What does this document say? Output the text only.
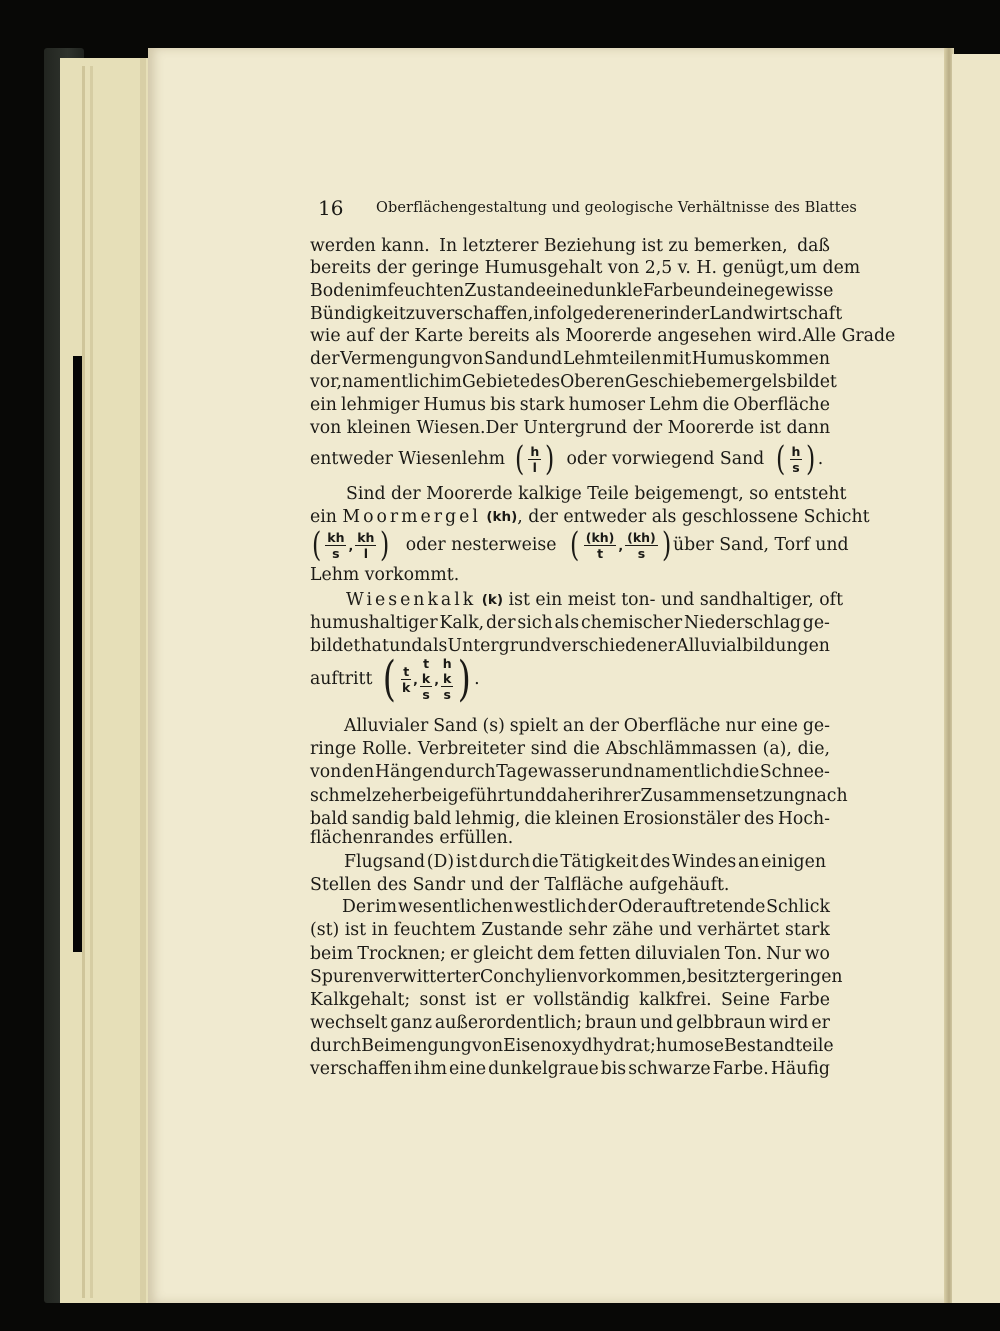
16 Oberflächengestaltung und geologische Verhältnisse des Blattes
werden kann. In letzterer Beziehung ist zu bemerken, daß
bereits der geringe Humusgehalt von 2,5 v. H. genügt, um dem
Boden im feuchten Zustande eine dunkle Farbe und eine gewisse
Bündigkeit zu verschaffen, infolge deren er in der Landwirtschaft
wie auf der Karte bereits als Moorerde angesehen wird. Alle Grade
der Vermengung von Sand und Lehmteilen mit Humus kommen
vor, namentlich im Gebiete des Oberen Geschiebemergels bildet
ein lehmiger Humus bis stark humoser Lehm die Oberfläche
von kleinen Wiesen. Der Untergrund der Moorerde ist dann
entweder Wiesenlehm ( $\frac{h}{l}$ ) oder vorwiegend Sand ( $\frac{h}{s}$ ) .
Sind der Moorerde kalkige Teile beigemengt, so entsteht
ein
Moormergel
(kh) , der entweder als geschlossene Schicht
( $\frac{kh}{s}$ , $\frac{kh}{l}$ ) oder nesterweise ( $\frac{(kh)}{t}$ , $\frac{(kh)}{s}$ ) über Sand, Torf und
Lehm vorkommt.
Wiesenkalk
(k)
ist ein meist ton- und sandhaltiger, oft
humushaltiger Kalk, der sich als chemischer Niederschlag ge-
bildet hat und als Untergrund verschiedener Alluvialbildungen
auftritt ( $\frac{t}{k}$ ,
t
k
s
,
h
k
s ) .
Alluvialer Sand (s) spielt an der Oberfläche nur eine ge-
ringe Rolle. Verbreiteter sind die Abschlämmassen (a), die,
von den Hängen durch Tagewasser und namentlich die Schnee-
schmelze herbeigeführt und daher ihrer Zusammensetzung nach
bald sandig bald lehmig, die kleinen Erosionstäler des Hoch-
flächenrandes erfüllen.
Flugsand (D) ist durch die Tätigkeit des Windes an einigen
Stellen des Sandr und der Talfläche aufgehäuft.
Der im wesentlichen westlich der Oder auftretende Schlick
(st) ist in feuchtem Zustande sehr zähe und verhärtet stark
beim Trocknen; er gleicht dem fetten diluvialen Ton. Nur wo
Spuren verwitterter Conchylien vorkommen, besitzt er geringen
Kalkgehalt; sonst ist er vollständig kalkfrei. Seine Farbe
wechselt ganz außerordentlich; braun und gelbbraun wird er
durch Beimengung von Eisenoxydhydrat; humose Bestandteile
verschaffen ihm eine dunkelgraue bis schwarze Farbe. Häufig
